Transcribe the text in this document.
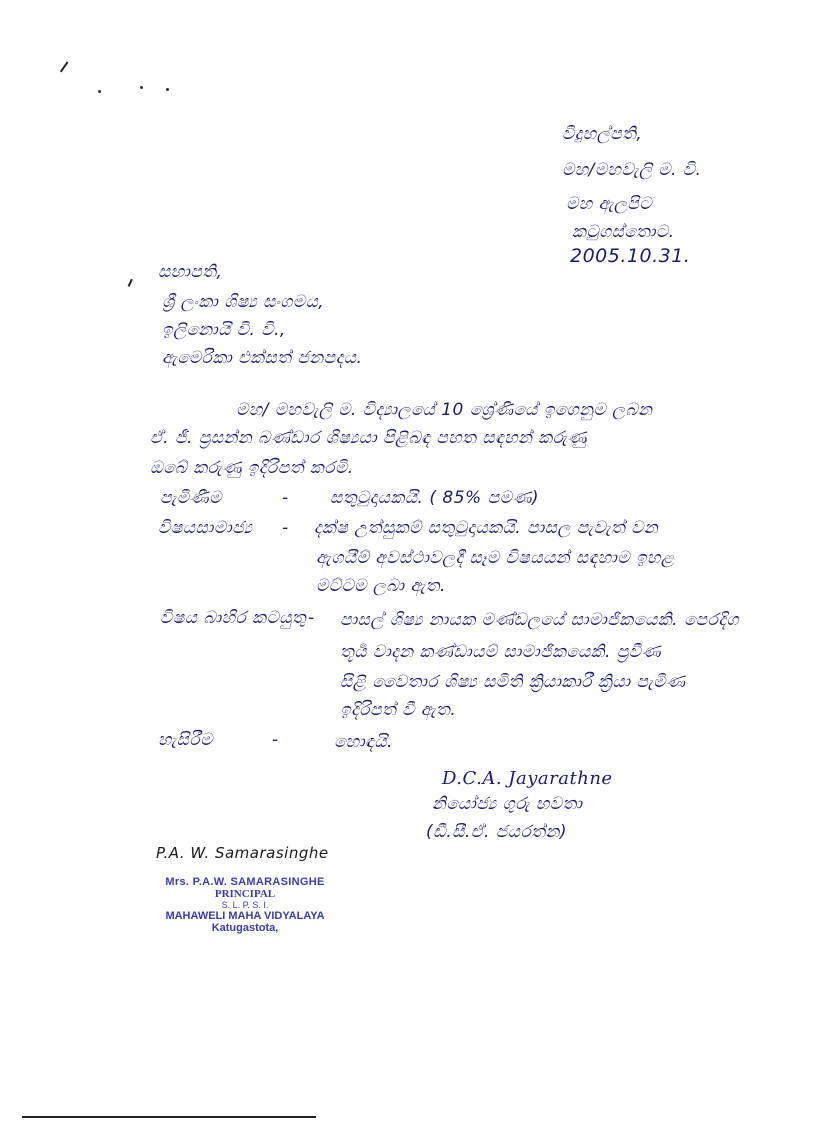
විදුහල්පති,
මහ/මහවැලි ම. වි.
මහ ඇලපිට
කටුගස්තොට.
2005.10.31.
සභාපති,
ශ්‍රී ලංකා ශිෂ්‍ය සංගමය,
ඉලිනොයි වි. වි.,
ඇමෙරිකා එක්සත් ජනපදය.
මහ/ මහවැලි ම. විද්‍යාලයේ 10 ශ්‍රේණියේ ඉගෙනුම ලබන
ඒ. ජී. ප්‍රසන්න බණ්ඩාර ශිෂ්‍යයා පිළිබඳ පහත සඳහන් කරුණු
ඔබේ කරුණු ඉදිරිපත් කරමි.
පැමිණීම	- සතුටුදායකයි. ( 85% පමණ)
විෂයසාමාජ්‍ය - දක්ෂ උත්සුකම් සතුටුදායකයි. පාසල පැවැත් වන
ඇගයීම් අවස්ථාවලදී සෑම විෂයයන් සඳහාම ඉහළ
මට්ටම ලබා ඇත.
විෂය බාහිර කටයුතු - පාසල් ශිෂ්‍ය නායක මණ්ඩලයේ සාමාජිකයෙකි. පෙරදිග
තූර්‍ය වාදන කණ්ඩායම් සාමාජිකයෙකි. ප්‍රවීණ
සිළි වෛතාර ශිෂ්‍ය සමිති ක්‍රියාකාරී ක්‍රියා පැමිණ
ඉදිරිපත් වී ඇත.
හැසිරීම	-	හොඳයි.
D.C.A. Jayarathne
නියෝජ්‍ය ගුරු භවතා
(ඩී.සී.ඒ. ජයරත්න)
P.A. W. Samarasinghe
Mrs. P.A.W. SAMARASINGHE
PRINCIPAL
S. L. P. S. I.
MAHAWELI MAHA VIDYALAYA
Katugastota,
